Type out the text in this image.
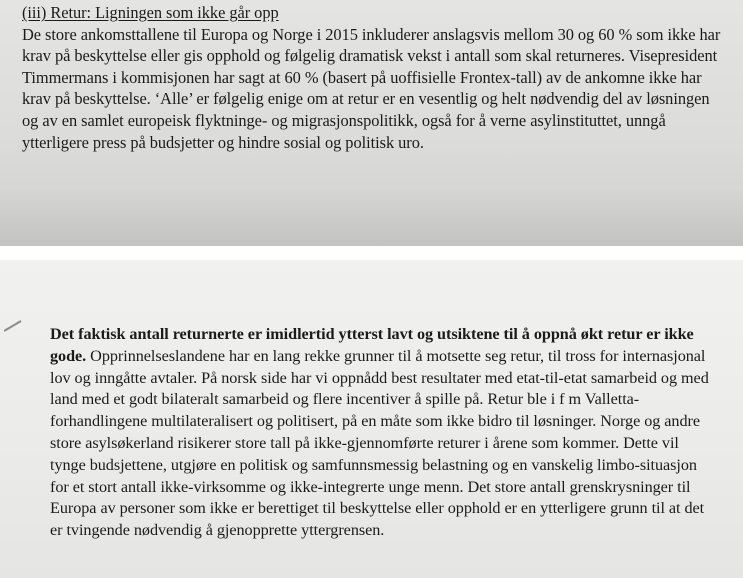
(iii) Retur: Ligningen som ikke går opp
De store ankomsttallene til Europa og Norge i 2015 inkluderer anslagsvis mellom 30 og 60 % som ikke har krav på beskyttelse eller gis opphold og følgelig dramatisk vekst i antall som skal returneres. Visepresident Timmermans i kommisjonen har sagt at 60 % (basert på uoffisielle Frontex-tall) av de ankomne ikke har krav på beskyttelse. ‘Alle’ er følgelig enige om at retur er en vesentlig og helt nødvendig del av løsningen og av en samlet europeisk flyktninge- og migrasjonspolitikk, også for å verne asylinstituttet, unngå ytterligere press på budsjetter og hindre sosial og politisk uro.
Det faktisk antall returnerte er imidlertid ytterst lavt og utsiktene til å oppnå økt retur er ikke gode. Opprinnelseslandene har en lang rekke grunner til å motsette seg retur, til tross for internasjonal lov og inngåtte avtaler. På norsk side har vi oppnådd best resultater med etat-til-etat samarbeid og med land med et godt bilateralt samarbeid og flere incentiver å spille på. Retur ble i f m Valletta-forhandlingene multilateralisert og politisert, på en måte som ikke bidro til løsninger. Norge og andre store asylsøkerland risikerer store tall på ikke-gjennomførte returer i årene som kommer. Dette vil tynge budsjettene, utgjøre en politisk og samfunnsmessig belastning og en vanskelig limbo-situasjon for et stort antall ikke-virksomme og ikke-integrerte unge menn. Det store antall grenskrysninger til Europa av personer som ikke er berettiget til beskyttelse eller opphold er en ytterligere grunn til at det er tvingende nødvendig å gjenopprette yttergrensen.
